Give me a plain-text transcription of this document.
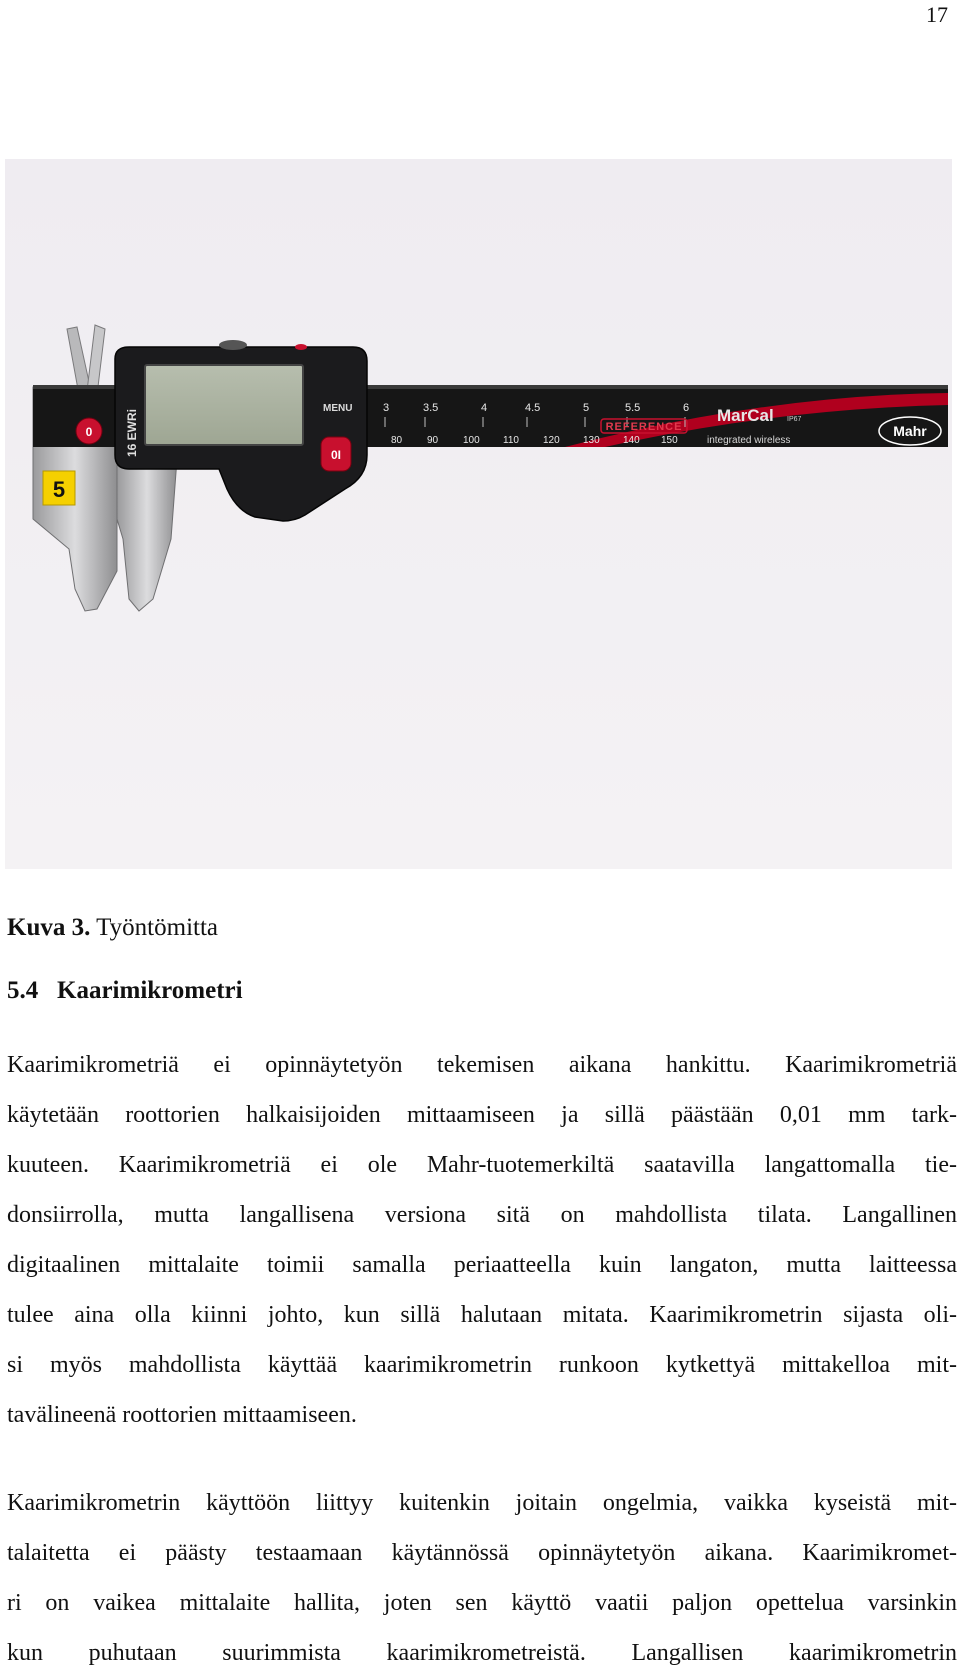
17
3	3.5	4	4.5	5	5.5	6
80 90 100 110 120 130 140 150
REFERENCE
MarCal IP67
integrated wireless
Mahr
16 EWRi
MENU
0I
0
5
Kuva 3. Työntömitta
5.4 Kaarimikrometri
Kaarimikrometriä ei opinnäytetyön tekemisen aikana hankittu. Kaarimikrometriä
käytetään roottorien halkaisijoiden mittaamiseen ja sillä päästään 0,01 mm tark-
kuuteen. Kaarimikrometriä ei ole Mahr-tuotemerkiltä saatavilla langattomalla tie-
donsiirrolla, mutta langallisena versiona sitä on mahdollista tilata. Langallinen
digitaalinen mittalaite toimii samalla periaatteella kuin langaton, mutta laitteessa
tulee aina olla kiinni johto, kun sillä halutaan mitata. Kaarimikrometrin sijasta oli-
si myös mahdollista käyttää kaarimikrometrin runkoon kytkettyä mittakelloa mit-
tavälineenä roottorien mittaamiseen.
Kaarimikrometrin käyttöön liittyy kuitenkin joitain ongelmia, vaikka kyseistä mit-
talaitetta ei päästy testaamaan käytännössä opinnäytetyön aikana. Kaarimikromet-
ri on vaikea mittalaite hallita, joten sen käyttö vaatii paljon opettelua varsinkin
kun puhutaan suurimmista kaarimikrometreistä. Langallisen kaarimikrometrin
